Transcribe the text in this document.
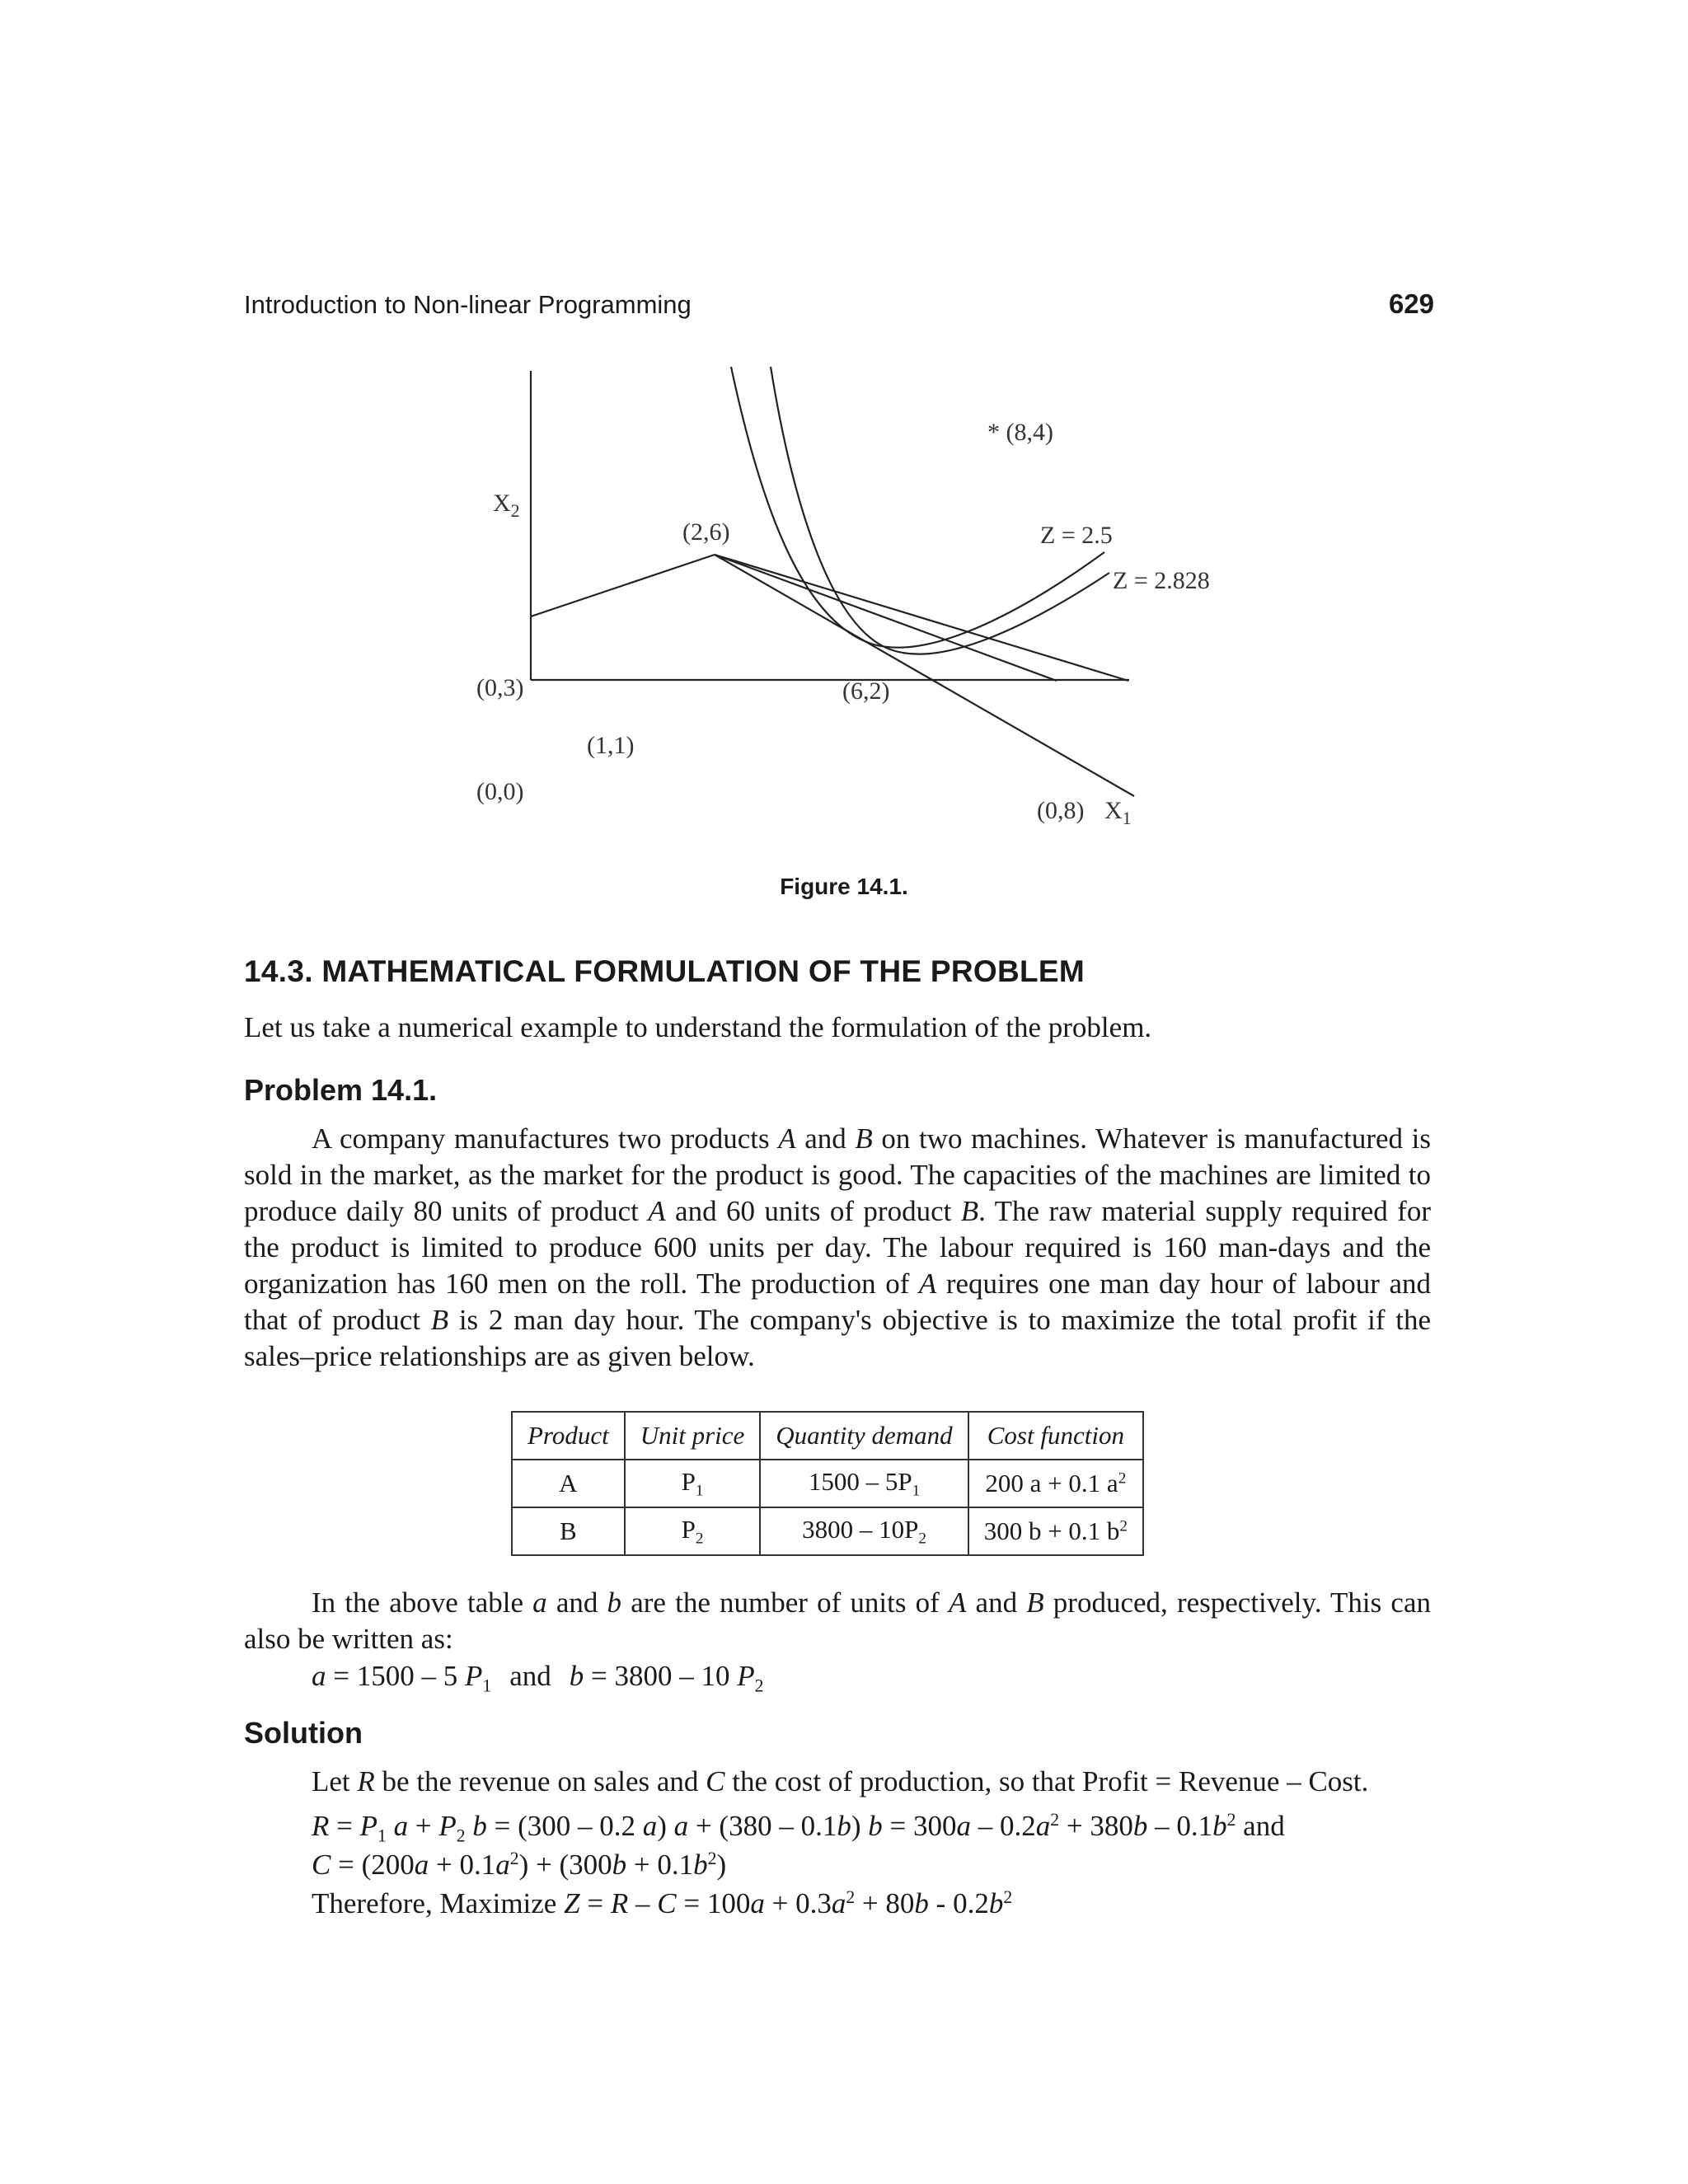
Introduction to Non-linear Programming	629
* (8,4)
$X_2$
(2,6)	Z = 2.5
Z = 2.828
(0,3)	(6,2)
(1,1)
(0,0)
(0,8) $X_1$
Figure 14.1.
14.3. MATHEMATICAL FORMULATION OF THE PROBLEM
Let us take a numerical example to understand the formulation of the problem.
Problem 14.1.
A company manufactures two products A and B on two machines. Whatever is manufactured is sold in the market, as the market for the product is good. The capacities of the machines are limited to produce daily 80 units of product A and 60 units of product B. The raw material supply required for the product is limited to produce 600 units per day. The labour required is 160 man-days and the organization has 160 men on the roll. The production of A requires one man day hour of labour and that of product B is 2 man day hour. The company's objective is to maximize the total profit if the sales–price relationships are as given below.
Product	Unit price	Quantity demand	Cost function
A	$P_1$	$1500 - 5P_1$	200 a + 0.1 $a^2$
B	$P_2$	$3800 - 10P_2$	300 b + 0.1 $b^2$
In the above table a and b are the number of units of A and B produced, respectively. This can also be written as:
a = 1500 – 5 $P_1$ and b = 3800 – 10 $P_2$
Solution
Let R be the revenue on sales and C the cost of production, so that Profit = Revenue – Cost.
$R = P_1$ $a + P_2$ b = (300 – 0.2 a) a + (380 – 0.1b) $b = 300a - 0.2a^2 + 380b - 0.1b^2$ and
$C = (200a + 0.1a^2) + (300b + 0.1b^2)$
Therefore, Maximize $Z = R - C = 100a + 0.3a^2 + 80b - 0.2b^2$
